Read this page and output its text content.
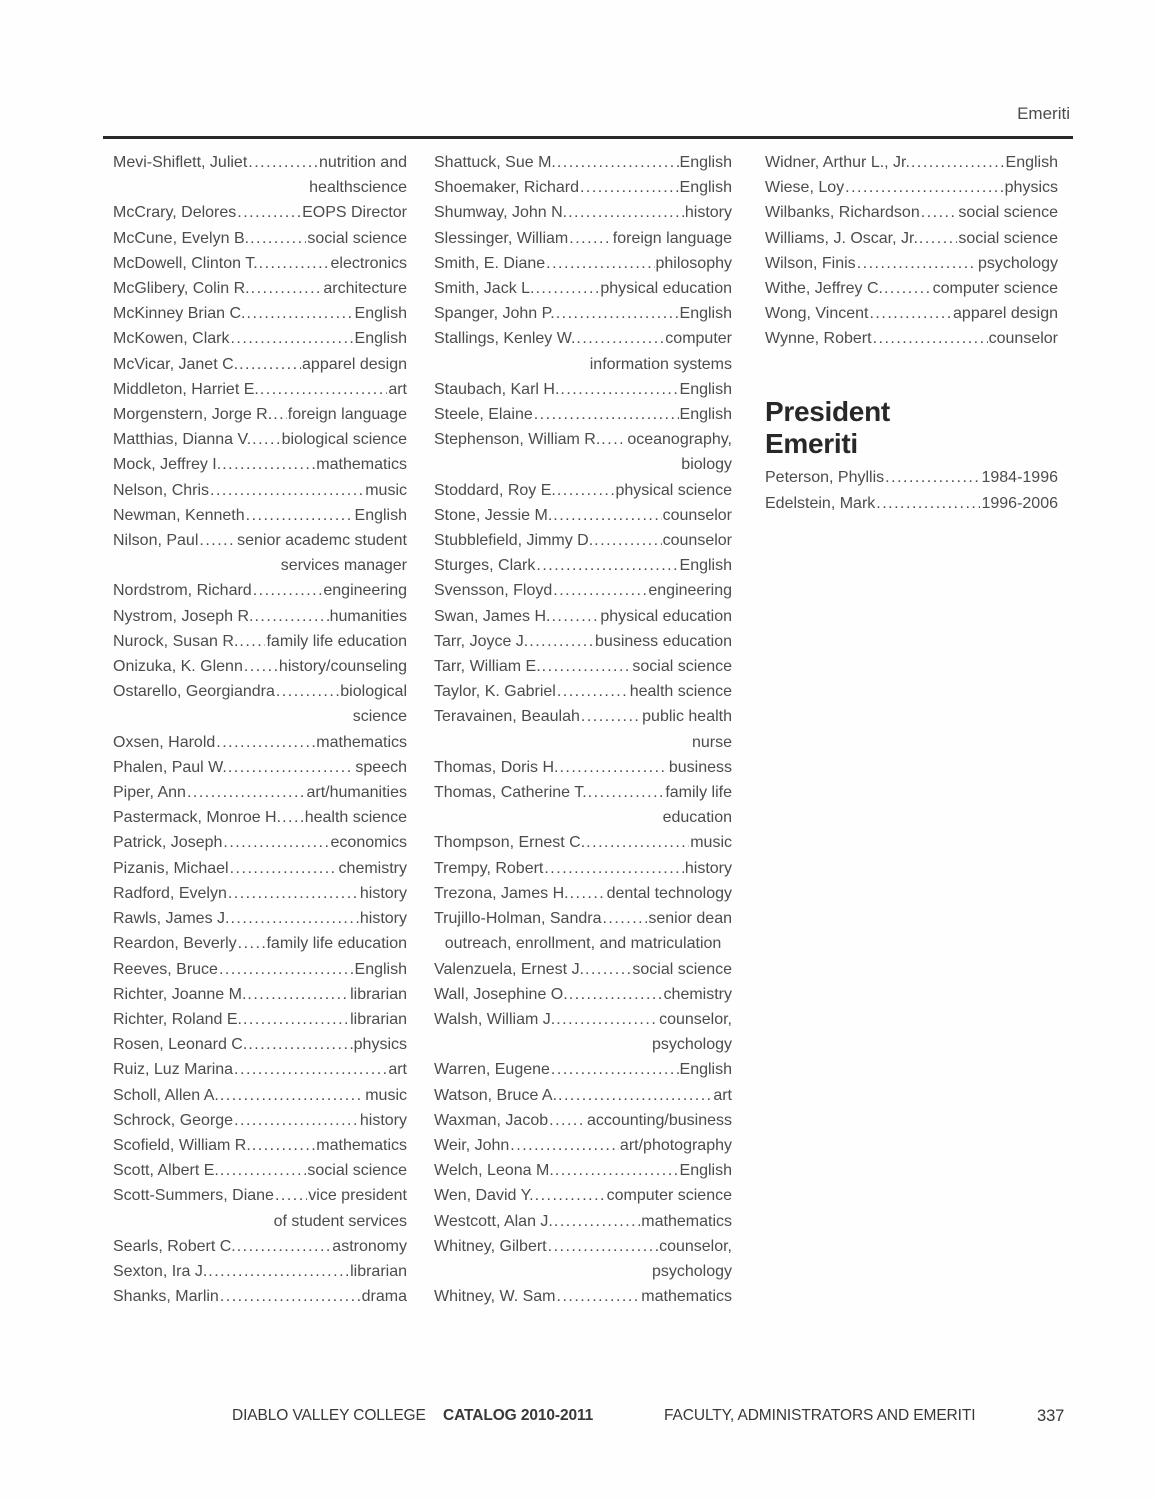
Emeriti
Mevi-Shiflett, Juliet .....	nutrition and
healthscience
McCrary, Delores .....	EOPS Director
McCune, Evelyn B. .....	social science
McDowell, Clinton T. .....	electronics
McGlibery, Colin R. .....	architecture
McKinney Brian C. .....	English
McKowen, Clark .....	English
McVicar, Janet C. .....	apparel design
Middleton, Harriet E. .....	art
Morgenstern, Jorge R. ..... foreign language
Matthias, Dianna V. ..... biological science
Mock, Jeffrey I. .....	mathematics
Nelson, Chris .....	music
Newman, Kenneth .....	English
Nilson, Paul ..... senior academc student
services manager
Nordstrom, Richard .....	engineering
Nystrom, Joseph R. .....	humanities
Nurock, Susan R. ..... family life education
Onizuka, K. Glenn ..... history/counseling
Ostarello, Georgiandra .....	biological
science
Oxsen, Harold .....	mathematics
Phalen, Paul W. .....	speech
Piper, Ann .....	art/humanities
Pastermack, Monroe H. ..... health science
Patrick, Joseph .....	economics
Pizanis, Michael .....	chemistry
Radford, Evelyn .....	history
Rawls, James J. .....	history
Reardon, Beverly ..... family life education
Reeves, Bruce .....	English
Richter, Joanne M. .....	librarian
Richter, Roland E. .....	librarian
Rosen, Leonard C. .....	physics
Ruiz, Luz Marina .....	art
Scholl, Allen A. .....	music
Schrock, George .....	history
Scofield, William R. .....	mathematics
Scott, Albert E. .....	social science
Scott-Summers, Diane ..... vice president
of student services
Searls, Robert C. .....	astronomy
Sexton, Ira J. .....	librarian
Shanks, Marlin .....	drama
Shattuck, Sue M. .....	English
Shoemaker, Richard .....	English
Shumway, John N. .....	history
Slessinger, William .....	foreign language
Smith, E. Diane .....	philosophy
Smith, Jack L. .....	physical education
Spanger, John P. .....	English
Stallings, Kenley W. .....	computer
information systems
Staubach, Karl H. .....	English
Steele, Elaine .....	English
Stephenson, William R. ..... oceanography,
biology
Stoddard, Roy E. .....	physical science
Stone, Jessie M. .....	counselor
Stubblefield, Jimmy D. .....	counselor
Sturges, Clark .....	English
Svensson, Floyd .....	engineering
Swan, James H. .....	physical education
Tarr, Joyce J. .....	business education
Tarr, William E. .....	social science
Taylor, K. Gabriel .....	health science
Teravainen, Beaulah .....	public health
nurse
Thomas, Doris H. .....	business
Thomas, Catherine T. .....	family life
education
Thompson, Ernest C. .....	music
Trempy, Robert .....	history
Trezona, James H. ..... dental technology
Trujillo-Holman, Sandra .....	senior dean
outreach, enrollment, and matriculation
Valenzuela, Ernest J. .....	social science
Wall, Josephine O. .....	chemistry
Walsh, William J. .....	counselor,
psychology
Warren, Eugene .....	English
Watson, Bruce A. .....	art
Waxman, Jacob ..... accounting/business
Weir, John .....	art/photography
Welch, Leona M. .....	English
Wen, David Y. .....	computer science
Westcott, Alan J. .....	mathematics
Whitney, Gilbert .....	counselor,
psychology
Whitney, W. Sam .....	mathematics
Widner, Arthur L., Jr. .....	English
Wiese, Loy .....	physics
Wilbanks, Richardson ..... social science
Williams, J. Oscar, Jr. .....	social science
Wilson, Finis .....	psychology
Withe, Jeffrey C. .....	computer science
Wong, Vincent .....	apparel design
Wynne, Robert .....	counselor
President
Emeriti
Peterson, Phyllis .....	1984-1996
Edelstein, Mark .....	1996-2006
DIABLO VALLEY COLLEGE CATALOG 2010-2011	FACULTY, ADMINISTRATORS AND EMERITI	337
